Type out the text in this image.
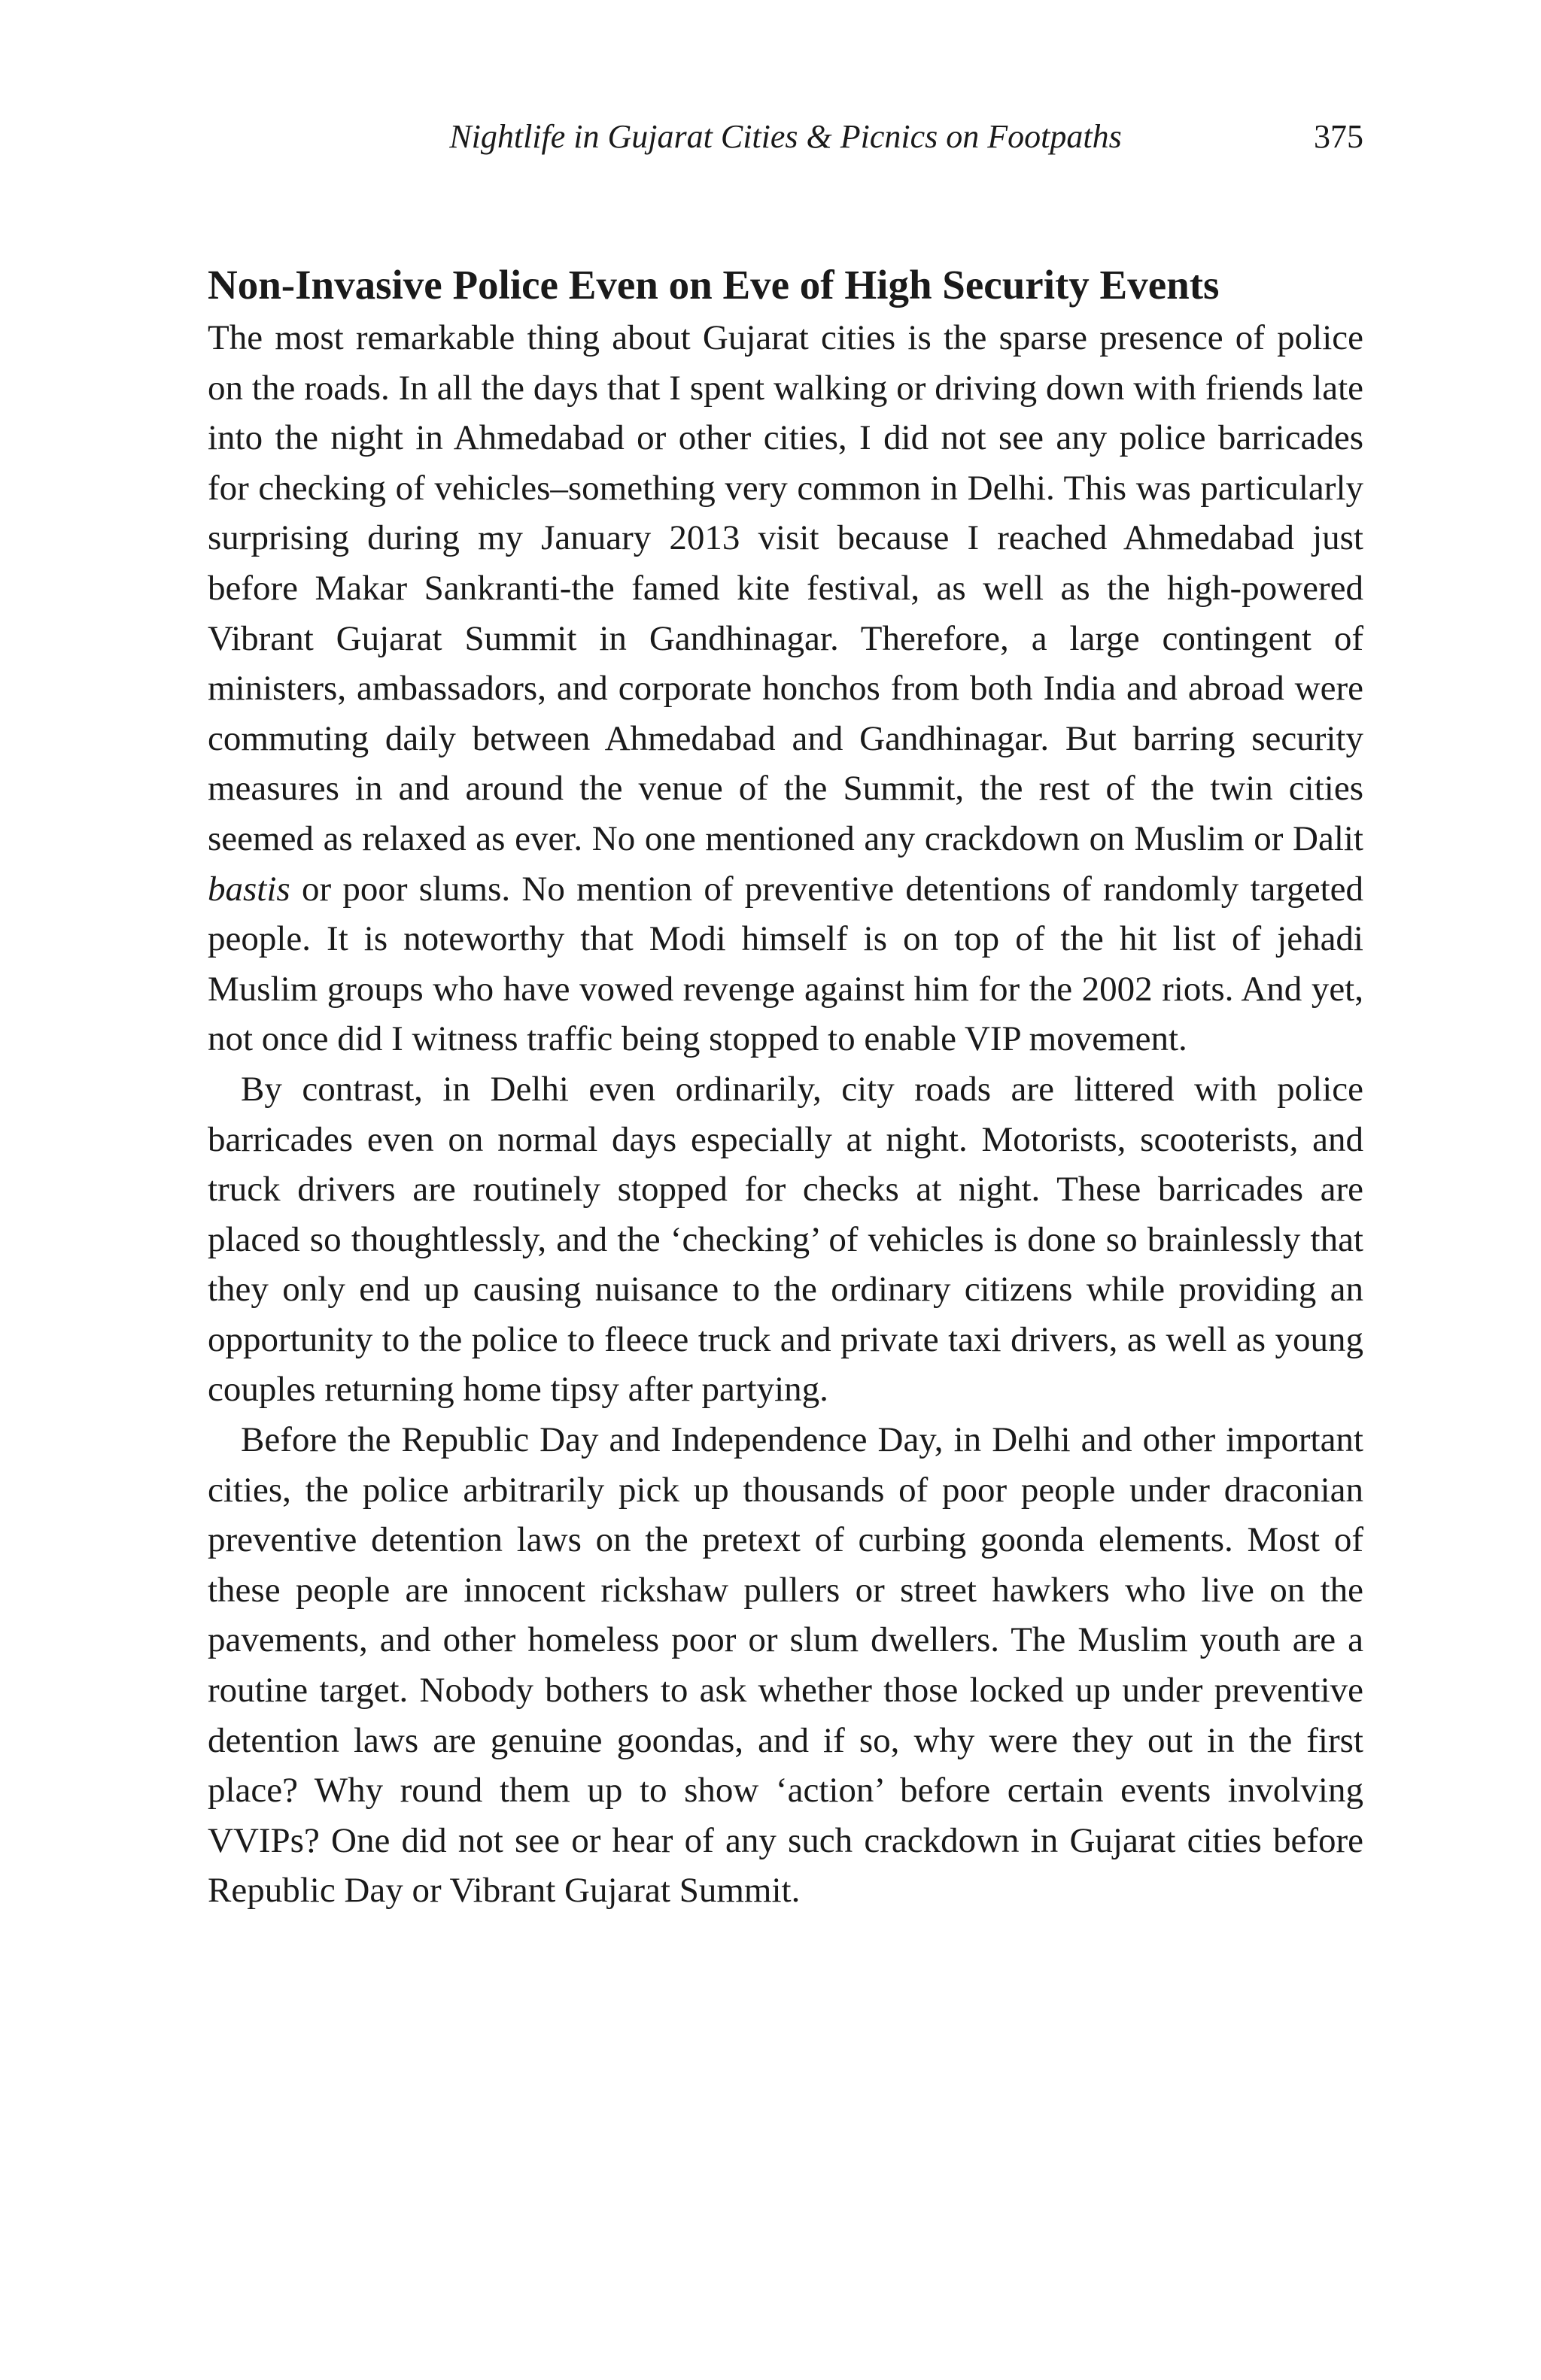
Nightlife in Gujarat Cities & Picnics on Footpaths	375
Non-Invasive Police Even on Eve of High Security Events

The most remarkable thing about Gujarat cities is the sparse presence of police on the roads. In all the days that I spent walking or driving down with friends late into the night in Ahmedabad or other cities, I did not see any police barricades for checking of vehicles–something very common in Delhi. This was particularly surprising during my January 2013 visit because I reached Ahmedabad just before Makar Sankranti-the famed kite festival, as well as the high-powered Vibrant Gujarat Summit in Gandhinagar. Therefore, a large contingent of ministers, ambassadors, and corporate honchos from both India and abroad were commuting daily between Ahmedabad and Gandhinagar. But barring security measures in and around the venue of the Summit, the rest of the twin cities seemed as relaxed as ever. No one mentioned any crackdown on Muslim or Dalit bastis or poor slums. No mention of preventive detentions of randomly targeted people. It is noteworthy that Modi himself is on top of the hit list of jehadi Muslim groups who have vowed revenge against him for the 2002 riots. And yet, not once did I witness traffic being stopped to enable VIP movement.

By contrast, in Delhi even ordinarily, city roads are littered with police barricades even on normal days especially at night. Motorists, scooterists, and truck drivers are routinely stopped for checks at night. These barricades are placed so thoughtlessly, and the ‘checking’ of vehicles is done so brainlessly that they only end up causing nuisance to the ordinary citizens while providing an opportunity to the police to fleece truck and private taxi drivers, as well as young couples returning home tipsy after partying.

Before the Republic Day and Independence Day, in Delhi and other important cities, the police arbitrarily pick up thousands of poor people under draconian preventive detention laws on the pretext of curbing goonda elements. Most of these people are innocent rickshaw pullers or street hawkers who live on the pavements, and other homeless poor or slum dwellers. The Muslim youth are a routine target. Nobody bothers to ask whether those locked up under preventive detention laws are genuine goondas, and if so, why were they out in the first place? Why round them up to show ‘action’ before certain events involving VVIPs? One did not see or hear of any such crackdown in Gujarat cities before Republic Day or Vibrant Gujarat Summit.
